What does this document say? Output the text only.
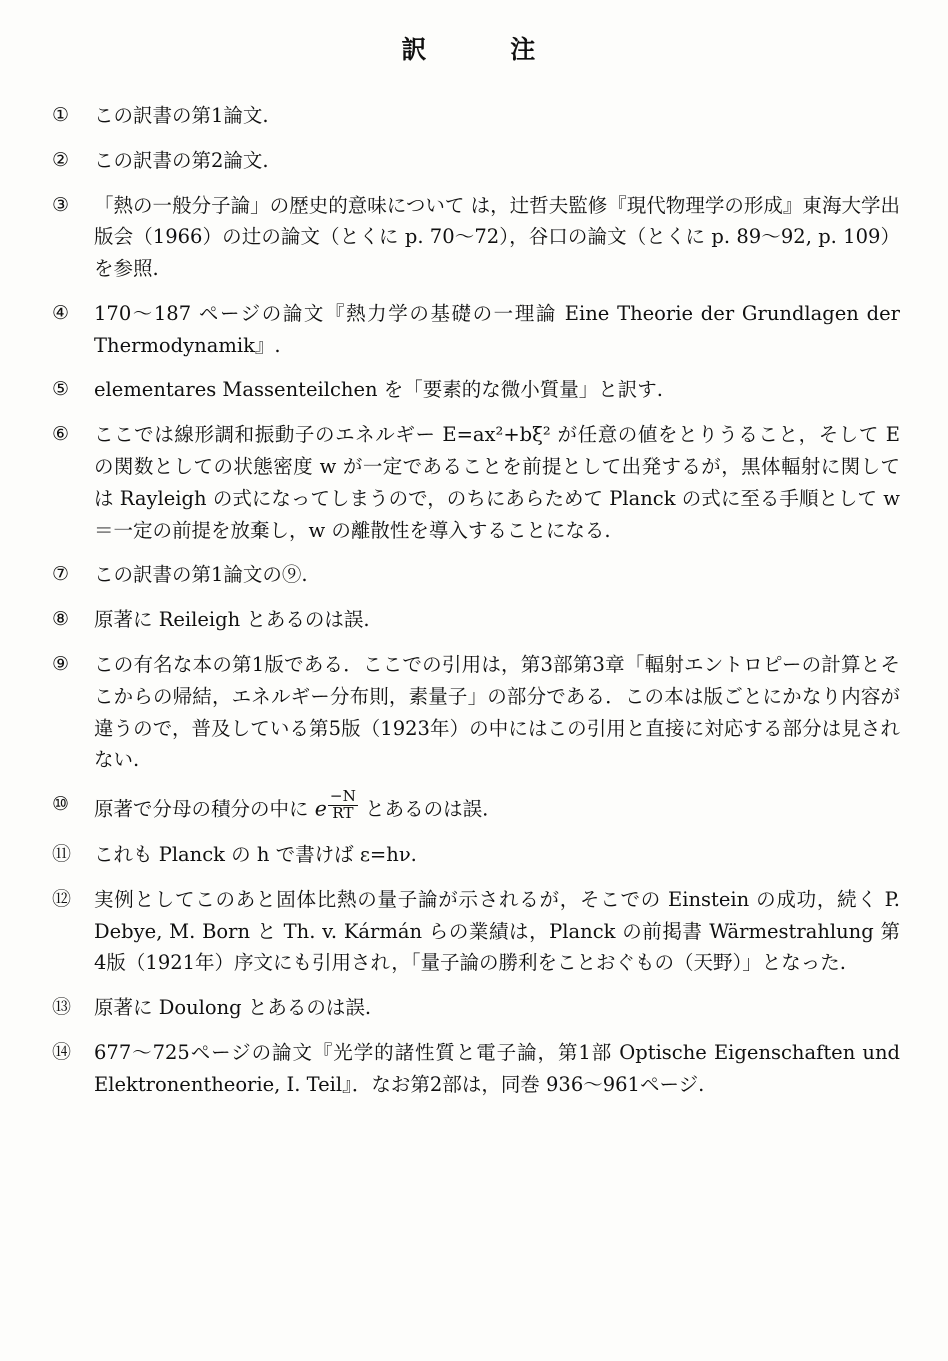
訳　　注
①	この訳書の第1論文.
②	この訳書の第2論文.
③	「熱の一般分子論」の歴史的意味について は，辻哲夫監修『現代物理学の形成』東海大学出版会（1966）の辻の論文（とくに p. 70〜72），谷口の論文（とくに p. 89〜92, p. 109）を参照.
④	170〜187 ページの論文『熱力学の基礎の一理論 Eine Theorie der Grundlagen der Thermodynamik』.
⑤	elementares Massenteilchen を「要素的な微小質量」と訳す.
⑥	ここでは線形調和振動子のエネルギー E=ax²+bξ² が任意の値をとりうること，そして E の関数としての状態密度 w が一定であることを前提として出発するが，黒体輻射に関しては Rayleigh の式になってしまうので，のちにあらためて Planck の式に至る手順として w＝一定の前提を放棄し，w の離散性を導入することになる.
⑦	この訳書の第1論文の⑨.
⑧	原著に Reileigh とあるのは誤.
⑨	この有名な本の第1版である．ここでの引用は，第3部第3章「輻射エントロピーの計算とそこからの帰結，エネルギー分布則，素量子」の部分である．この本は版ごとにかなり内容が違うので，普及している第5版（1923年）の中にはこの引用と直接に対応する部分は見されない.
⑩	原著で分母の積分の中に e $\frac{-N}{RT}$ とあるのは誤.
⑪	これも Planck の h で書けば ε=hν.
⑫	実例としてこのあと固体比熱の量子論が示されるが，そこでの Einstein の成功，続く P. Debye, M. Born と Th. v. Kármán らの業績は，Planck の前掲書 Wärmestrahlung 第4版（1921年）序文にも引用され，「量子論の勝利をことおぐもの（天野）」となった.
⑬	原著に Doulong とあるのは誤.
⑭	677〜725ページの論文『光学的諸性質と電子論，第1部 Optische Eigenschaften und Elektronentheorie, I. Teil』．なお第2部は，同巻 936〜961ページ.
